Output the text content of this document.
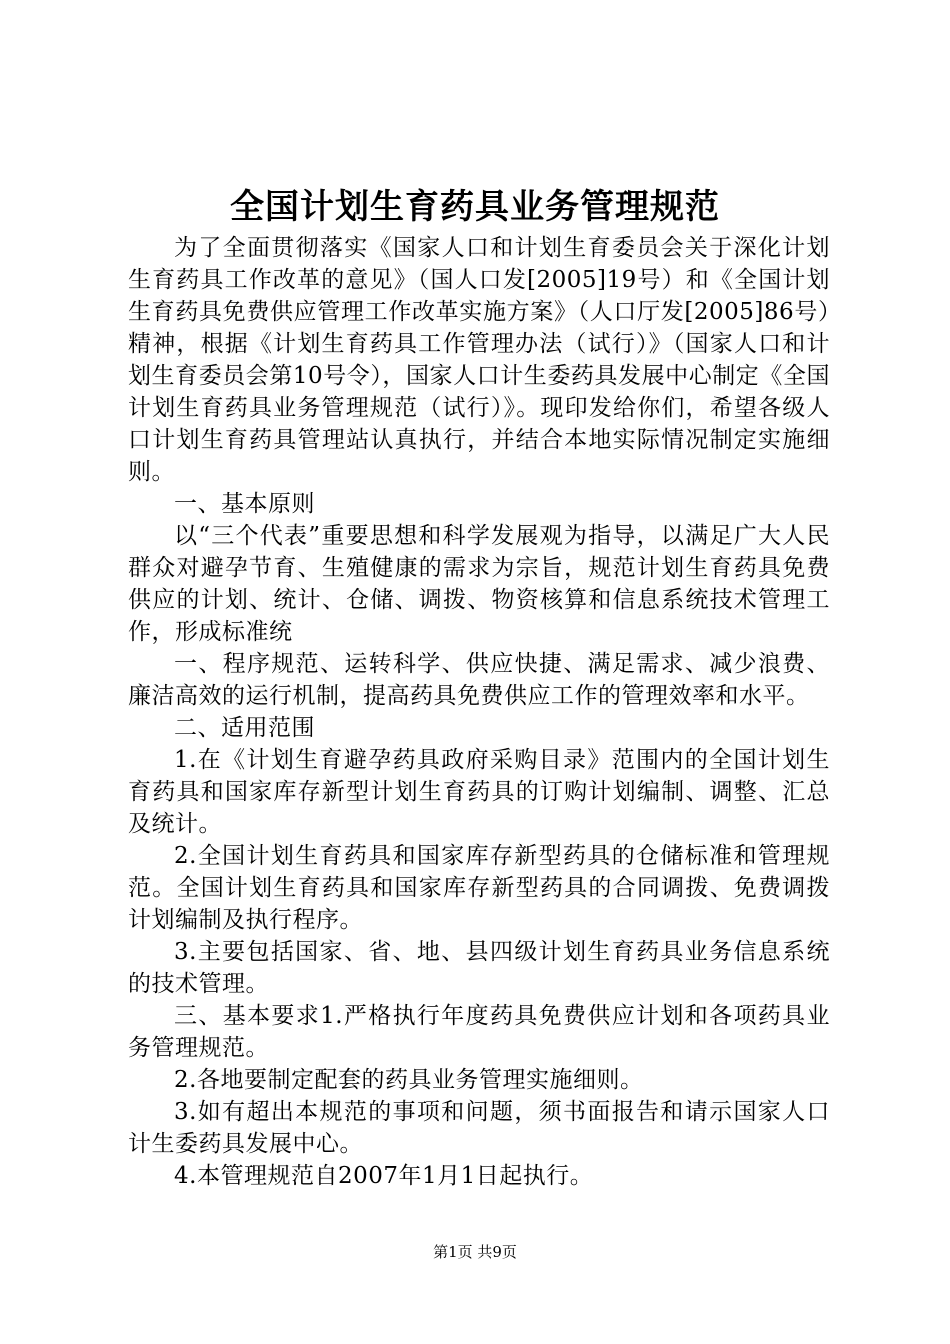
全国计划生育药具业务管理规范

为了全面贯彻落实《国家人口和计划生育委员会关于深化计划生育药具工作改革的意见》（国人口发[2005]19号）和《全国计划生育药具免费供应管理工作改革实施方案》（人口厅发[2005]86号）精神，根据《计划生育药具工作管理办法（试行）》（国家人口和计划生育委员会第10号令），国家人口计生委药具发展中心制定《全国计划生育药具业务管理规范（试行）》。现印发给你们，希望各级人口计划生育药具管理站认真执行，并结合本地实际情况制定实施细则。

一、基本原则

以“三个代表”重要思想和科学发展观为指导，以满足广大人民群众对避孕节育、生殖健康的需求为宗旨，规范计划生育药具免费供应的计划、统计、仓储、调拨、物资核算和信息系统技术管理工作，形成标准统

一、程序规范、运转科学、供应快捷、满足需求、减少浪费、廉洁高效的运行机制，提高药具免费供应工作的管理效率和水平。

二、适用范围

1.在《计划生育避孕药具政府采购目录》范围内的全国计划生育药具和国家库存新型计划生育药具的订购计划编制、调整、汇总及统计。

2.全国计划生育药具和国家库存新型药具的仓储标准和管理规范。全国计划生育药具和国家库存新型药具的合同调拨、免费调拨计划编制及执行程序。

3.主要包括国家、省、地、县四级计划生育药具业务信息系统的技术管理。

三、基本要求1.严格执行年度药具免费供应计划和各项药具业务管理规范。

2.各地要制定配套的药具业务管理实施细则。

3.如有超出本规范的事项和问题，须书面报告和请示国家人口计生委药具发展中心。

4.本管理规范自2007年1月1日起执行。

第1页 共9页
